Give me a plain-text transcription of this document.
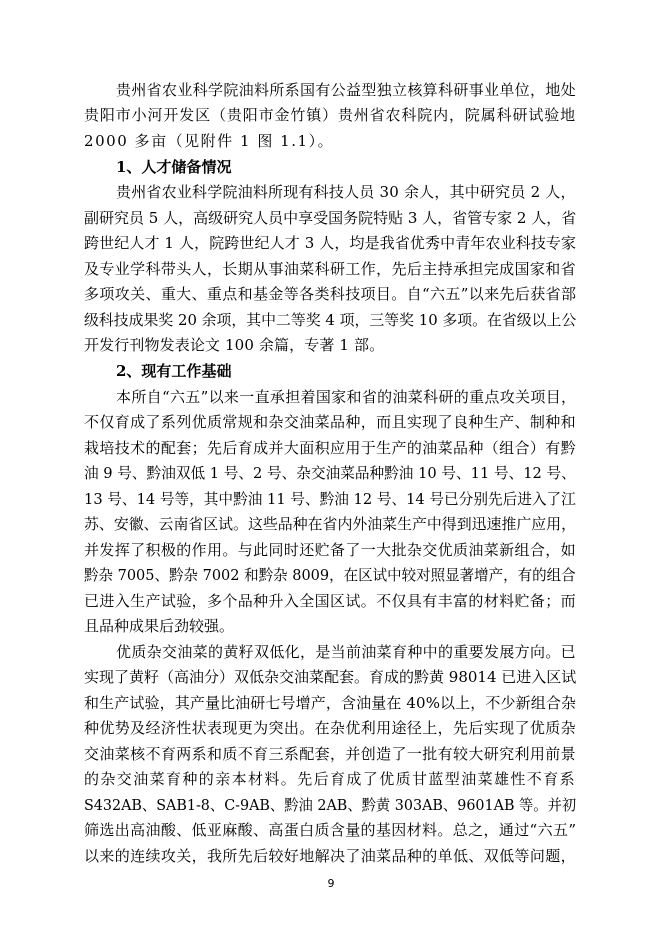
贵州省农业科学院油料所系国有公益型独立核算科研事业单位，地处
贵阳市小河开发区（贵阳市金竹镇）贵州省农科院内，院属科研试验地
2000 多亩（见附件 1 图 1.1）。
1、人才储备情况
贵州省农业科学院油料所现有科技人员 30 余人，其中研究员 2 人，
副研究员 5 人，高级研究人员中享受国务院特贴 3 人，省管专家 2 人，省
跨世纪人才 1 人，院跨世纪人才 3 人，均是我省优秀中青年农业科技专家
及专业学科带头人，长期从事油菜科研工作，先后主持承担完成国家和省
多项攻关、重大、重点和基金等各类科技项目。自“六五”以来先后获省部
级科技成果奖 20 余项，其中二等奖 4 项，三等奖 10 多项。在省级以上公
开发行刊物发表论文 100 余篇，专著 1 部。
2、现有工作基础
本所自“六五”以来一直承担着国家和省的油菜科研的重点攻关项目，
不仅育成了系列优质常规和杂交油菜品种，而且实现了良种生产、制种和
栽培技术的配套；先后育成并大面积应用于生产的油菜品种（组合）有黔
油 9 号、黔油双低 1 号、2 号、杂交油菜品种黔油 10 号、11 号、12 号、
13 号、14 号等，其中黔油 11 号、黔油 12 号、14 号已分别先后进入了江
苏、安徽、云南省区试。这些品种在省内外油菜生产中得到迅速推广应用，
并发挥了积极的作用。与此同时还贮备了一大批杂交优质油菜新组合，如
黔杂 7005、黔杂 7002 和黔杂 8009，在区试中较对照显著增产，有的组合
已进入生产试验，多个品种升入全国区试。不仅具有丰富的材料贮备；而
且品种成果后劲较强。
优质杂交油菜的黄籽双低化，是当前油菜育种中的重要发展方向。已
实现了黄籽（高油分）双低杂交油菜配套。育成的黔黄 98014 已进入区试
和生产试验，其产量比油研七号增产，含油量在 40%以上，不少新组合杂
种优势及经济性状表现更为突出。在杂优利用途径上，先后实现了优质杂
交油菜核不育两系和质不育三系配套，并创造了一批有较大研究利用前景
的杂交油菜育种的亲本材料。先后育成了优质甘蓝型油菜雄性不育系
S432AB、SAB1-8、C-9AB、黔油 2AB、黔黄 303AB、9601AB 等。并初
筛选出高油酸、低亚麻酸、高蛋白质含量的基因材料。总之，通过“六五”
以来的连续攻关，我所先后较好地解决了油菜品种的单低、双低等问题，
9
